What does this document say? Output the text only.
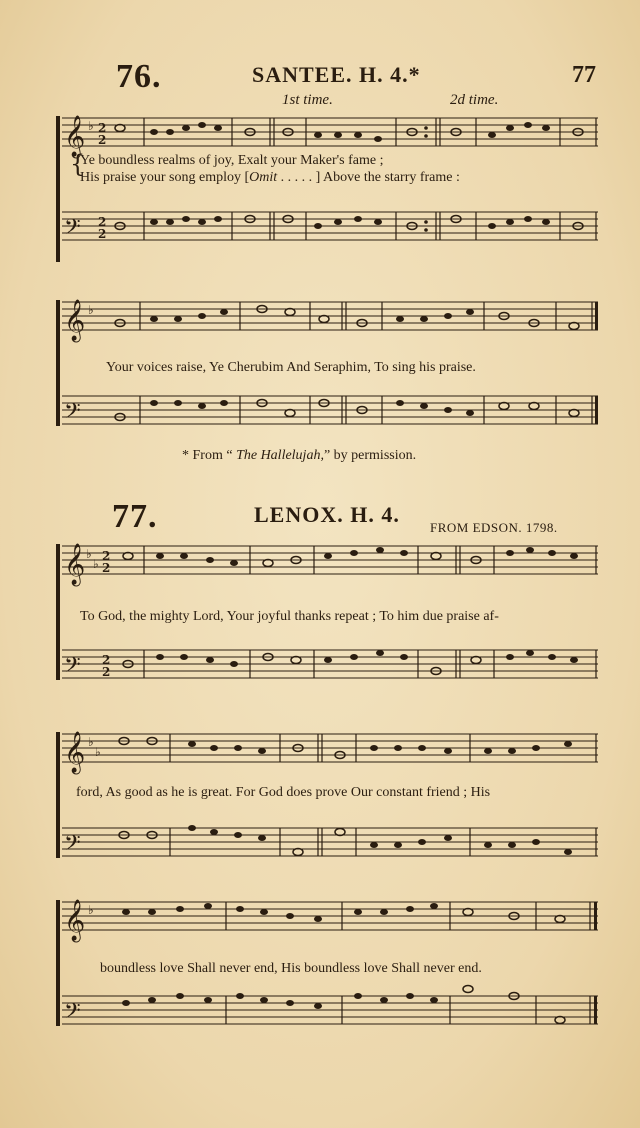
76.	SANTEE. H. 4.*	77
1st time.	2d time.
𝄞
𝄢
♭ 2
2
2
2
{
Ye boundless realms of joy, Exalt your Maker's fame ;
His praise your song employ [Omit . . . . . ] Above the starry frame :
𝄞
𝄢
♭
Your voices raise, Ye Cherubim And Seraphim, To sing his praise.
* From “ The Hallelujah,” by permission.
77.	LENOX. H. 4.
FROM EDSON. 1798.
𝄞
𝄢
♭
♭
2
2
2
2
To God, the mighty Lord, Your joyful thanks repeat ; To him due praise af-
𝄞
𝄢
♭
♭
ford, As good as he is great. For God does prove Our constant friend ; His
𝄞
𝄢
♭
boundless love Shall never end, His boundless love Shall never end.
